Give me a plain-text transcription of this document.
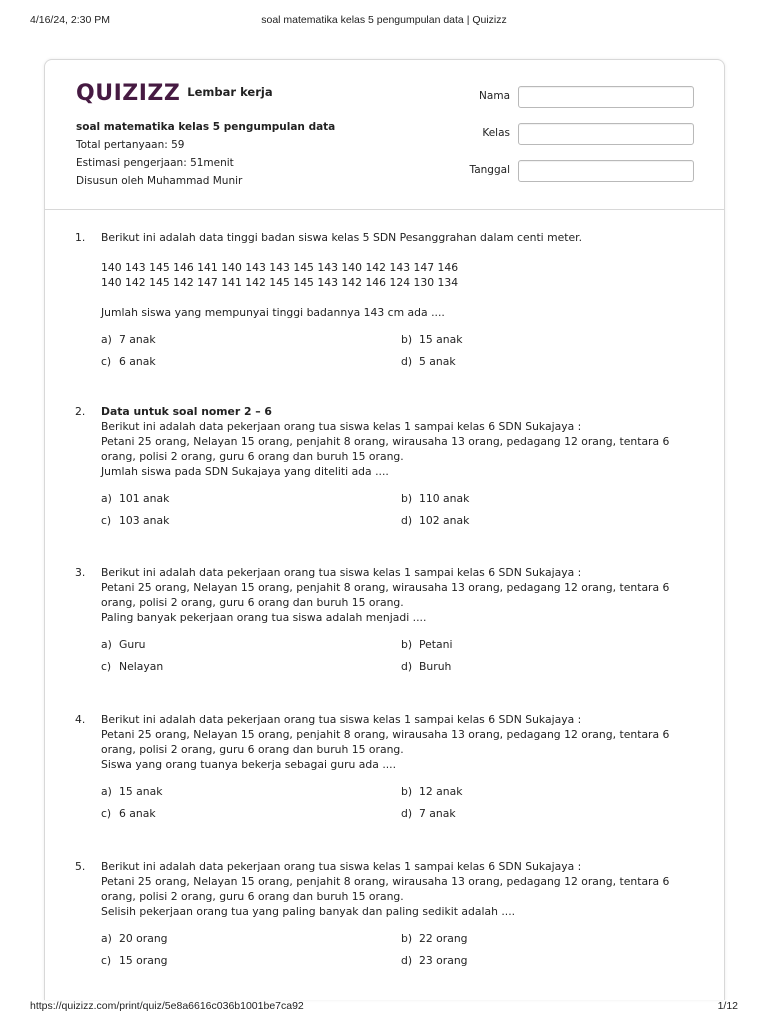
4/16/24, 2:30 PM	soal matematika kelas 5 pengumpulan data | Quizizz
QUIZIZZ Lembar kerja
soal matematika kelas 5 pengumpulan data
Total pertanyaan: 59
Estimasi pengerjaan: 51menit
Disusun oleh Muhammad Munir
Nama
Kelas
Tanggal
1. Berikut ini adalah data tinggi badan siswa kelas 5 SDN Pesanggrahan dalam centi meter.

140 143 145 146 141 140 143 143 145 143 140 142 143 147 146

140 142 145 142 147 141 142 145 145 143 142 146 124 130 134

Jumlah siswa yang mempunyai tinggi badannya 143 cm ada ....

a) 7 anak	b) 15 anak
c) 6 anak	d) 5 anak
2. Data untuk soal nomer 2 – 6

Berikut ini adalah data pekerjaan orang tua siswa kelas 1 sampai kelas 6 SDN Sukajaya :

Petani 25 orang, Nelayan 15 orang, penjahit 8 orang, wirausaha 13 orang, pedagang 12 orang, tentara 6

orang, polisi 2 orang, guru 6 orang dan buruh 15 orang.

Jumlah siswa pada SDN Sukajaya yang diteliti ada ....

a) 101 anak	b) 110 anak
c) 103 anak	d) 102 anak
3. Berikut ini adalah data pekerjaan orang tua siswa kelas 1 sampai kelas 6 SDN Sukajaya :

Petani 25 orang, Nelayan 15 orang, penjahit 8 orang, wirausaha 13 orang, pedagang 12 orang, tentara 6

orang, polisi 2 orang, guru 6 orang dan buruh 15 orang.

Paling banyak pekerjaan orang tua siswa adalah menjadi ....

a) Guru	b) Petani
c) Nelayan	d) Buruh
4. Berikut ini adalah data pekerjaan orang tua siswa kelas 1 sampai kelas 6 SDN Sukajaya :

Petani 25 orang, Nelayan 15 orang, penjahit 8 orang, wirausaha 13 orang, pedagang 12 orang, tentara 6

orang, polisi 2 orang, guru 6 orang dan buruh 15 orang.

Siswa yang orang tuanya bekerja sebagai guru ada ....

a) 15 anak	b) 12 anak
c) 6 anak	d) 7 anak
5. Berikut ini adalah data pekerjaan orang tua siswa kelas 1 sampai kelas 6 SDN Sukajaya :

Petani 25 orang, Nelayan 15 orang, penjahit 8 orang, wirausaha 13 orang, pedagang 12 orang, tentara 6

orang, polisi 2 orang, guru 6 orang dan buruh 15 orang.

Selisih pekerjaan orang tua yang paling banyak dan paling sedikit adalah ....

a) 20 orang	b) 22 orang
c) 15 orang	d) 23 orang
https://quizizz.com/print/quiz/5e8a6616c036b1001be7ca92	1/12
